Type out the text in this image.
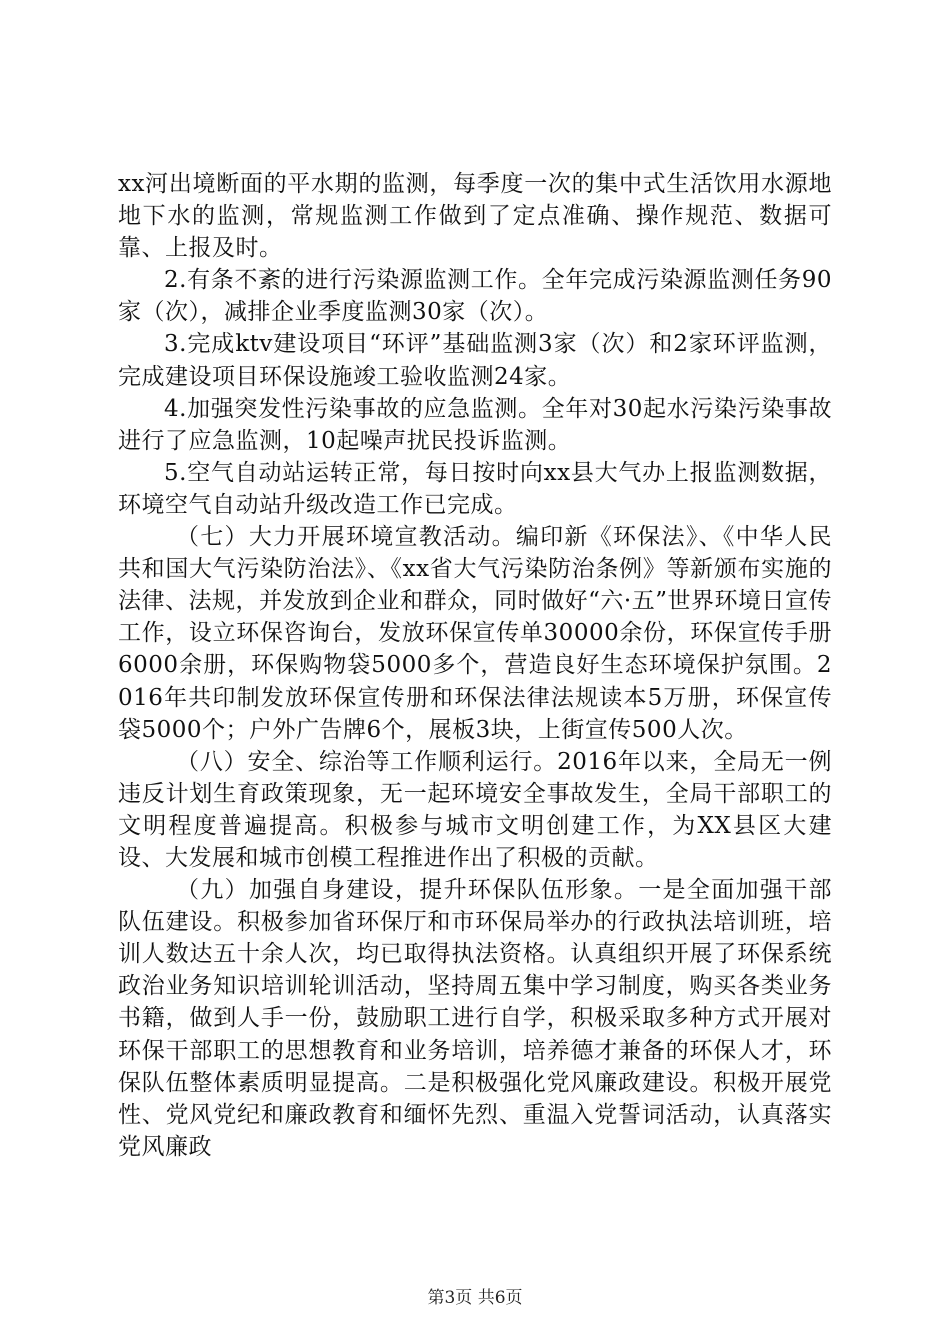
xx河出境断面的平水期的监测，每季度一次的集中式生活饮用水源地地下水的监测，常规监测工作做到了定点准确、操作规范、数据可靠、上报及时。

2.有条不紊的进行污染源监测工作。全年完成污染源监测任务90家（次），减排企业季度监测30家（次）。

3.完成ktv建设项目“环评”基础监测3家（次）和2家环评监测，完成建设项目环保设施竣工验收监测24家。

4.加强突发性污染事故的应急监测。全年对30起水污染污染事故进行了应急监测，10起噪声扰民投诉监测。

5.空气自动站运转正常，每日按时向xx县大气办上报监测数据，环境空气自动站升级改造工作已完成。

（七）大力开展环境宣教活动。编印新《环保法》、《中华人民共和国大气污染防治法》、《xx省大气污染防治条例》等新颁布实施的法律、法规，并发放到企业和群众，同时做好“六·五”世界环境日宣传工作，设立环保咨询台，发放环保宣传单30000余份，环保宣传手册6000余册，环保购物袋5000多个，营造良好生态环境保护氛围。2016年共印制发放环保宣传册和环保法律法规读本5万册，环保宣传袋5000个；户外广告牌6个，展板3块，上街宣传500人次。

（八）安全、综治等工作顺利运行。2016年以来，全局无一例违反计划生育政策现象，无一起环境安全事故发生，全局干部职工的文明程度普遍提高。积极参与城市文明创建工作，为XX县区大建设、大发展和城市创模工程推进作出了积极的贡献。

（九）加强自身建设，提升环保队伍形象。一是全面加强干部队伍建设。积极参加省环保厅和市环保局举办的行政执法培训班，培训人数达五十余人次，均已取得执法资格。认真组织开展了环保系统政治业务知识培训轮训活动，坚持周五集中学习制度，购买各类业务书籍，做到人手一份，鼓励职工进行自学，积极采取多种方式开展对环保干部职工的思想教育和业务培训，培养德才兼备的环保人才，环保队伍整体素质明显提高。二是积极强化党风廉政建设。积极开展党性、党风党纪和廉政教育和缅怀先烈、重温入党誓词活动，认真落实党风廉政

第3页 共6页
